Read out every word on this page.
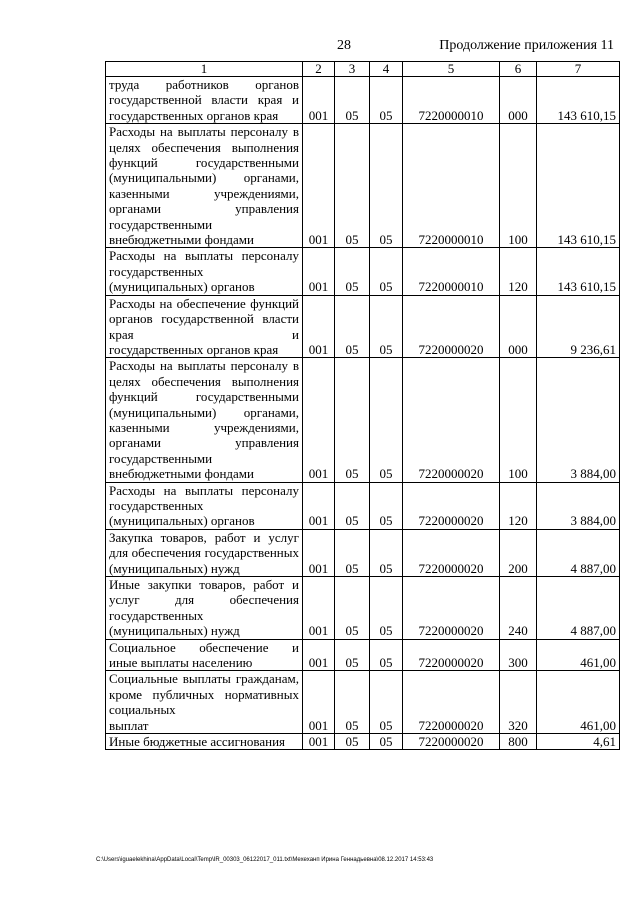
28	Продолжение приложения 11
1	2	3	4	5	6	7
труда работников органов государственной власти края и
государственных органов края	001	05	05	7220000010	000	143 610,15
Расходы на выплаты персоналу в целях обеспечения выполнения функций государственными (муниципальными) органами, казенными учреждениями, органами управления государственными
внебюджетными фондами	001	05	05	7220000010	100	143 610,15
Расходы на выплаты персоналу государственных
(муниципальных) органов	001	05	05	7220000010	120	143 610,15
Расходы на обеспечение функций органов государственной власти края и
государственных органов края	001	05	05	7220000020	000	9 236,61
Расходы на выплаты персоналу в целях обеспечения выполнения функций государственными (муниципальными) органами, казенными учреждениями, органами управления государственными
внебюджетными фондами	001	05	05	7220000020	100	3 884,00
Расходы на выплаты персоналу государственных
(муниципальных) органов	001	05	05	7220000020	120	3 884,00
Закупка товаров, работ и услуг для обеспечения государственных
(муниципальных) нужд	001	05	05	7220000020	200	4 887,00
Иные закупки товаров, работ и услуг для обеспечения государственных
(муниципальных) нужд	001	05	05	7220000020	240	4 887,00
Социальное обеспечение и
иные выплаты населению	001	05	05	7220000020	300	461,00
Социальные выплаты гражданам, кроме публичных нормативных социальных
выплат	001	05	05	7220000020	320	461,00

Иные бюджетные ассигнования	001	05	05	7220000020	800	4,61
C:\Users\iguaelekhina\AppData\Local\Temp\IR_00303_06122017_011.txt\Мехеханп Ирина Геннадьевна\08.12.2017 14:53:43
